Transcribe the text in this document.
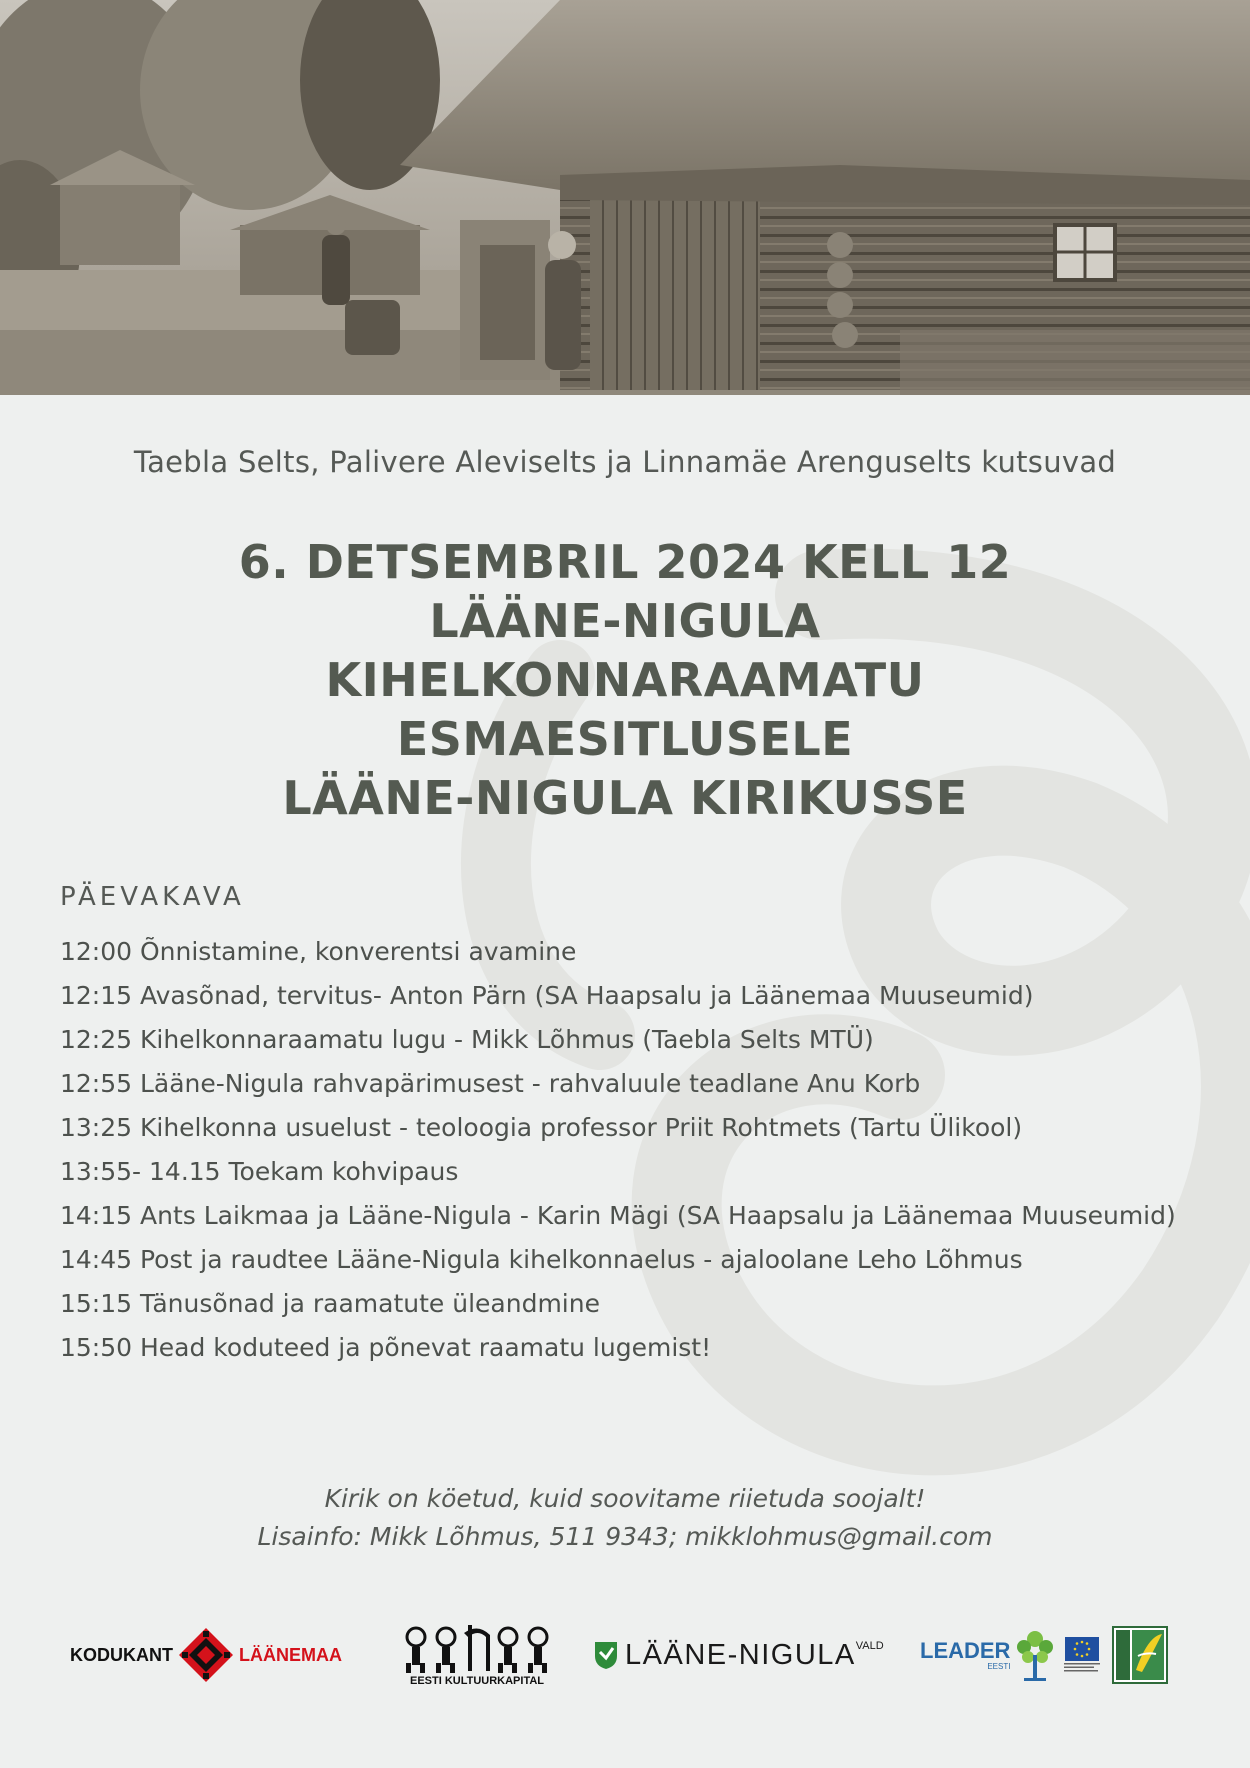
Taebla Selts, Palivere Aleviselts ja Linnamäe Arenguselts kutsuvad
6. DETSEMBRIL 2024 KELL 12
LÄÄNE-NIGULA
KIHELKONNARAAMATU
ESMAESITLUSELE
LÄÄNE-NIGULA KIRIKUSSE
PÄEVAKAVA
12:00 Õnnistamine, konverentsi avamine
12:15 Avasõnad, tervitus- Anton Pärn (SA Haapsalu ja Läänemaa Muuseumid)
12:25 Kihelkonnaraamatu lugu - Mikk Lõhmus (Taebla Selts MTÜ)
12:55 Lääne-Nigula rahvapärimusest - rahvaluule teadlane Anu Korb
13:25 Kihelkonna usuelust - teoloogia professor Priit Rohtmets (Tartu Ülikool)
13:55- 14.15 Toekam kohvipaus
14:15 Ants Laikmaa ja Lääne-Nigula - Karin Mägi (SA Haapsalu ja Läänemaa Muuseumid)
14:45 Post ja raudtee Lääne-Nigula kihelkonnaelus - ajaloolane Leho Lõhmus
15:15 Tänusõnad ja raamatute üleandmine
15:50 Head koduteed ja põnevat raamatu lugemist!
Kirik on köetud, kuid soovitame riietuda soojalt!
Lisainfo: Mikk Lõhmus, 511 9343; mikklohmus@gmail.com
KODUKANT	LÄÄNEMAA
EESTI KULTUURKAPITAL
LÄÄNE-NIGULA VALD LEADER
EESTI
